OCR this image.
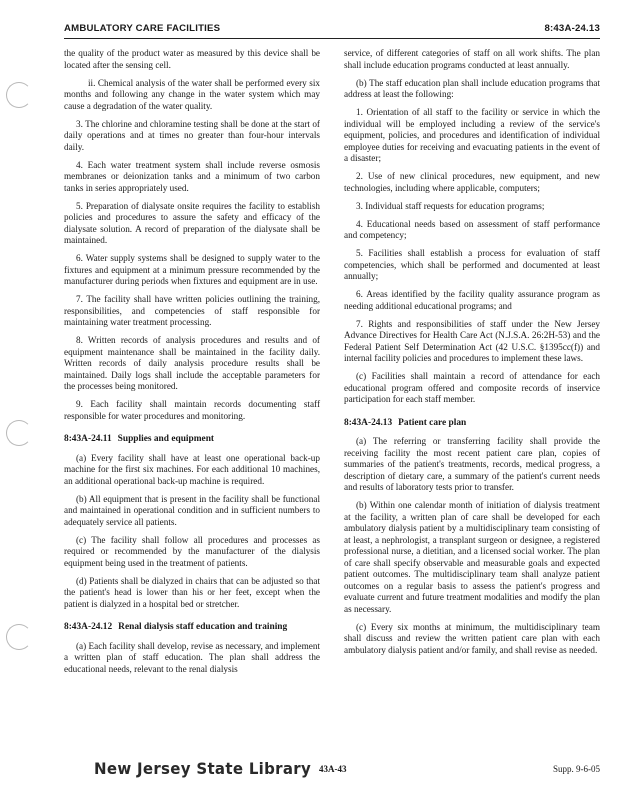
AMBULATORY CARE FACILITIES	8:43A-24.13

the quality of the product water as measured by this device shall be located after the sensing cell.

ii. Chemical analysis of the water shall be performed every six months and following any change in the water system which may cause a degradation of the water quality.

3. The chlorine and chloramine testing shall be done at the start of daily operations and at times no greater than four-hour intervals daily.

4. Each water treatment system shall include reverse osmosis membranes or deionization tanks and a minimum of two carbon tanks in series appropriately used.

5. Preparation of dialysate onsite requires the facility to establish policies and procedures to assure the safety and efficacy of the dialysate solution. A record of preparation of the dialysate shall be maintained.

6. Water supply systems shall be designed to supply water to the fixtures and equipment at a minimum pressure recommended by the manufacturer during periods when fixtures and equipment are in use.

7. The facility shall have written policies outlining the training, responsibilities, and competencies of staff responsible for maintaining water treatment processing.

8. Written records of analysis procedures and results and of equipment maintenance shall be maintained in the facility daily. Written records of daily analysis procedure results shall be maintained. Daily logs shall include the acceptable parameters for the processes being monitored.

9. Each facility shall maintain records documenting staff responsible for water procedures and monitoring.

8:43A-24.11 Supplies and equipment

(a) Every facility shall have at least one operational back-up machine for the first six machines. For each additional 10 machines, an additional operational back-up machine is required.

(b) All equipment that is present in the facility shall be functional and maintained in operational condition and in sufficient numbers to adequately service all patients.

(c) The facility shall follow all procedures and processes as required or recommended by the manufacturer of the dialysis equipment being used in the treatment of patients.

(d) Patients shall be dialyzed in chairs that can be adjusted so that the patient's head is lower than his or her feet, except when the patient is dialyzed in a hospital bed or stretcher.

8:43A-24.12 Renal dialysis staff education and training

(a) Each facility shall develop, revise as necessary, and implement a written plan of staff education. The plan shall address the educational needs, relevant to the renal dialysis

service, of different categories of staff on all work shifts. The plan shall include education programs conducted at least annually.

(b) The staff education plan shall include education programs that address at least the following:

1. Orientation of all staff to the facility or service in which the individual will be employed including a review of the service's equipment, policies, and procedures and identification of individual employee duties for receiving and evacuating patients in the event of a disaster;

2. Use of new clinical procedures, new equipment, and new technologies, including where applicable, computers;

3. Individual staff requests for education programs;

4. Educational needs based on assessment of staff performance and competency;

5. Facilities shall establish a process for evaluation of staff competencies, which shall be performed and documented at least annually;

6. Areas identified by the facility quality assurance program as needing additional educational programs; and

7. Rights and responsibilities of staff under the New Jersey Advance Directives for Health Care Act (N.J.S.A. 26:2H-53) and the Federal Patient Self Determination Act (42 U.S.C. §1395cc(f)) and internal facility policies and procedures to implement these laws.

(c) Facilities shall maintain a record of attendance for each educational program offered and composite records of inservice participation for each staff member.

8:43A-24.13 Patient care plan

(a) The referring or transferring facility shall provide the receiving facility the most recent patient care plan, copies of summaries of the patient's treatments, records, medical progress, a description of dietary care, a summary of the patient's current needs and results of laboratory tests prior to transfer.

(b) Within one calendar month of initiation of dialysis treatment at the facility, a written plan of care shall be developed for each ambulatory dialysis patient by a multidisciplinary team consisting of at least, a nephrologist, a transplant surgeon or designee, a registered professional nurse, a dietitian, and a licensed social worker. The plan of care shall specify observable and measurable goals and expected patient outcomes. The multidisciplinary team shall analyze patient outcomes on a regular basis to assess the patient's progress and evaluate current and future treatment modalities and modify the plan as necessary.

(c) Every six months at minimum, the multidisciplinary team shall discuss and review the written patient care plan with each ambulatory dialysis patient and/or family, and shall revise as needed.

New Jersey State Library 43A-43	Supp. 9-6-05
